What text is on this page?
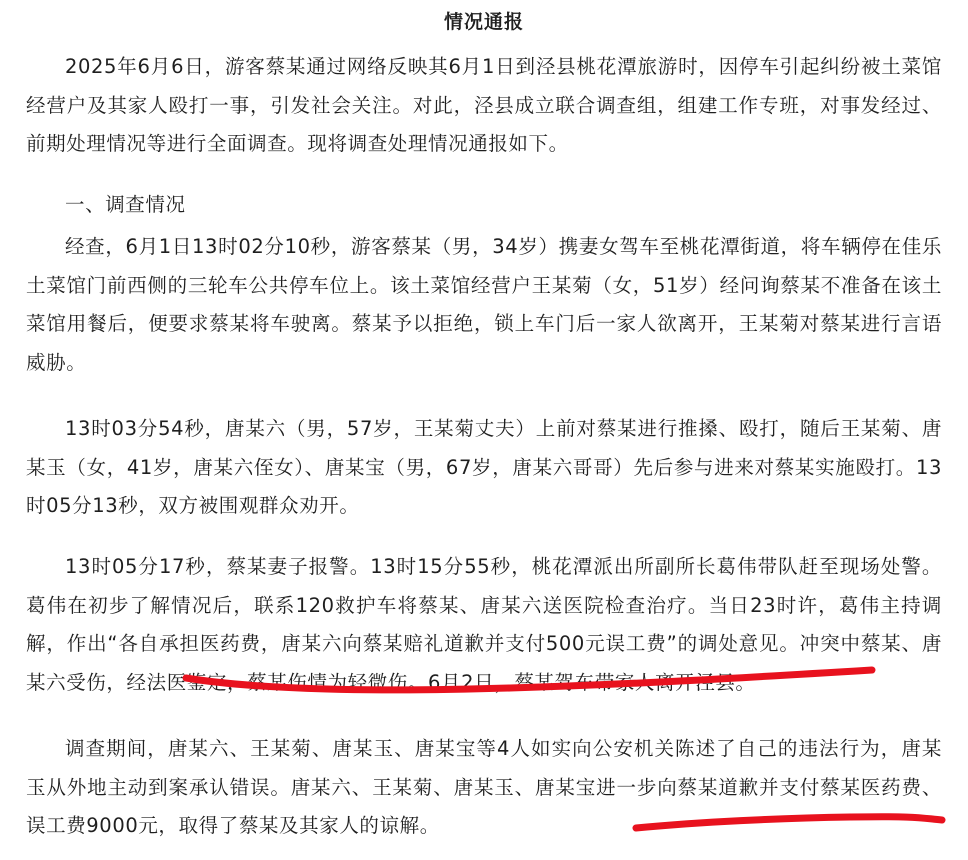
情况通报

2025年6月6日，游客蔡某通过网络反映其6月1日到泾县桃花潭旅游时，因停车引起纠纷被土菜馆经营户及其家人殴打一事，引发社会关注。对此，泾县成立联合调查组，组建工作专班，对事发经过、前期处理情况等进行全面调查。现将调查处理情况通报如下。

一、调查情况

经查，6月1日13时02分10秒，游客蔡某（男，34岁）携妻女驾车至桃花潭街道，将车辆停在佳乐土菜馆门前西侧的三轮车公共停车位上。该土菜馆经营户王某菊（女，51岁）经问询蔡某不准备在该土菜馆用餐后，便要求蔡某将车驶离。蔡某予以拒绝，锁上车门后一家人欲离开，王某菊对蔡某进行言语威胁。

13时03分54秒，唐某六（男，57岁，王某菊丈夫）上前对蔡某进行推搡、殴打，随后王某菊、唐某玉（女，41岁，唐某六侄女）、唐某宝（男，67岁，唐某六哥哥）先后参与进来对蔡某实施殴打。13时05分13秒，双方被围观群众劝开。

13时05分17秒，蔡某妻子报警。13时15分55秒，桃花潭派出所副所长葛伟带队赶至现场处警。葛伟在初步了解情况后，联系120救护车将蔡某、唐某六送医院检查治疗。当日23时许，葛伟主持调解，作出“各自承担医药费，唐某六向蔡某赔礼道歉并支付500元误工费”的调处意见。冲突中蔡某、唐某六受伤，经法医鉴定，蔡某伤情为轻微伤。6月2日，蔡某驾车带家人离开泾县。

调查期间，唐某六、王某菊、唐某玉、唐某宝等4人如实向公安机关陈述了自己的违法行为，唐某玉从外地主动到案承认错误。唐某六、王某菊、唐某玉、唐某宝进一步向蔡某道歉并支付蔡某医药费、误工费9000元，取得了蔡某及其家人的谅解。
